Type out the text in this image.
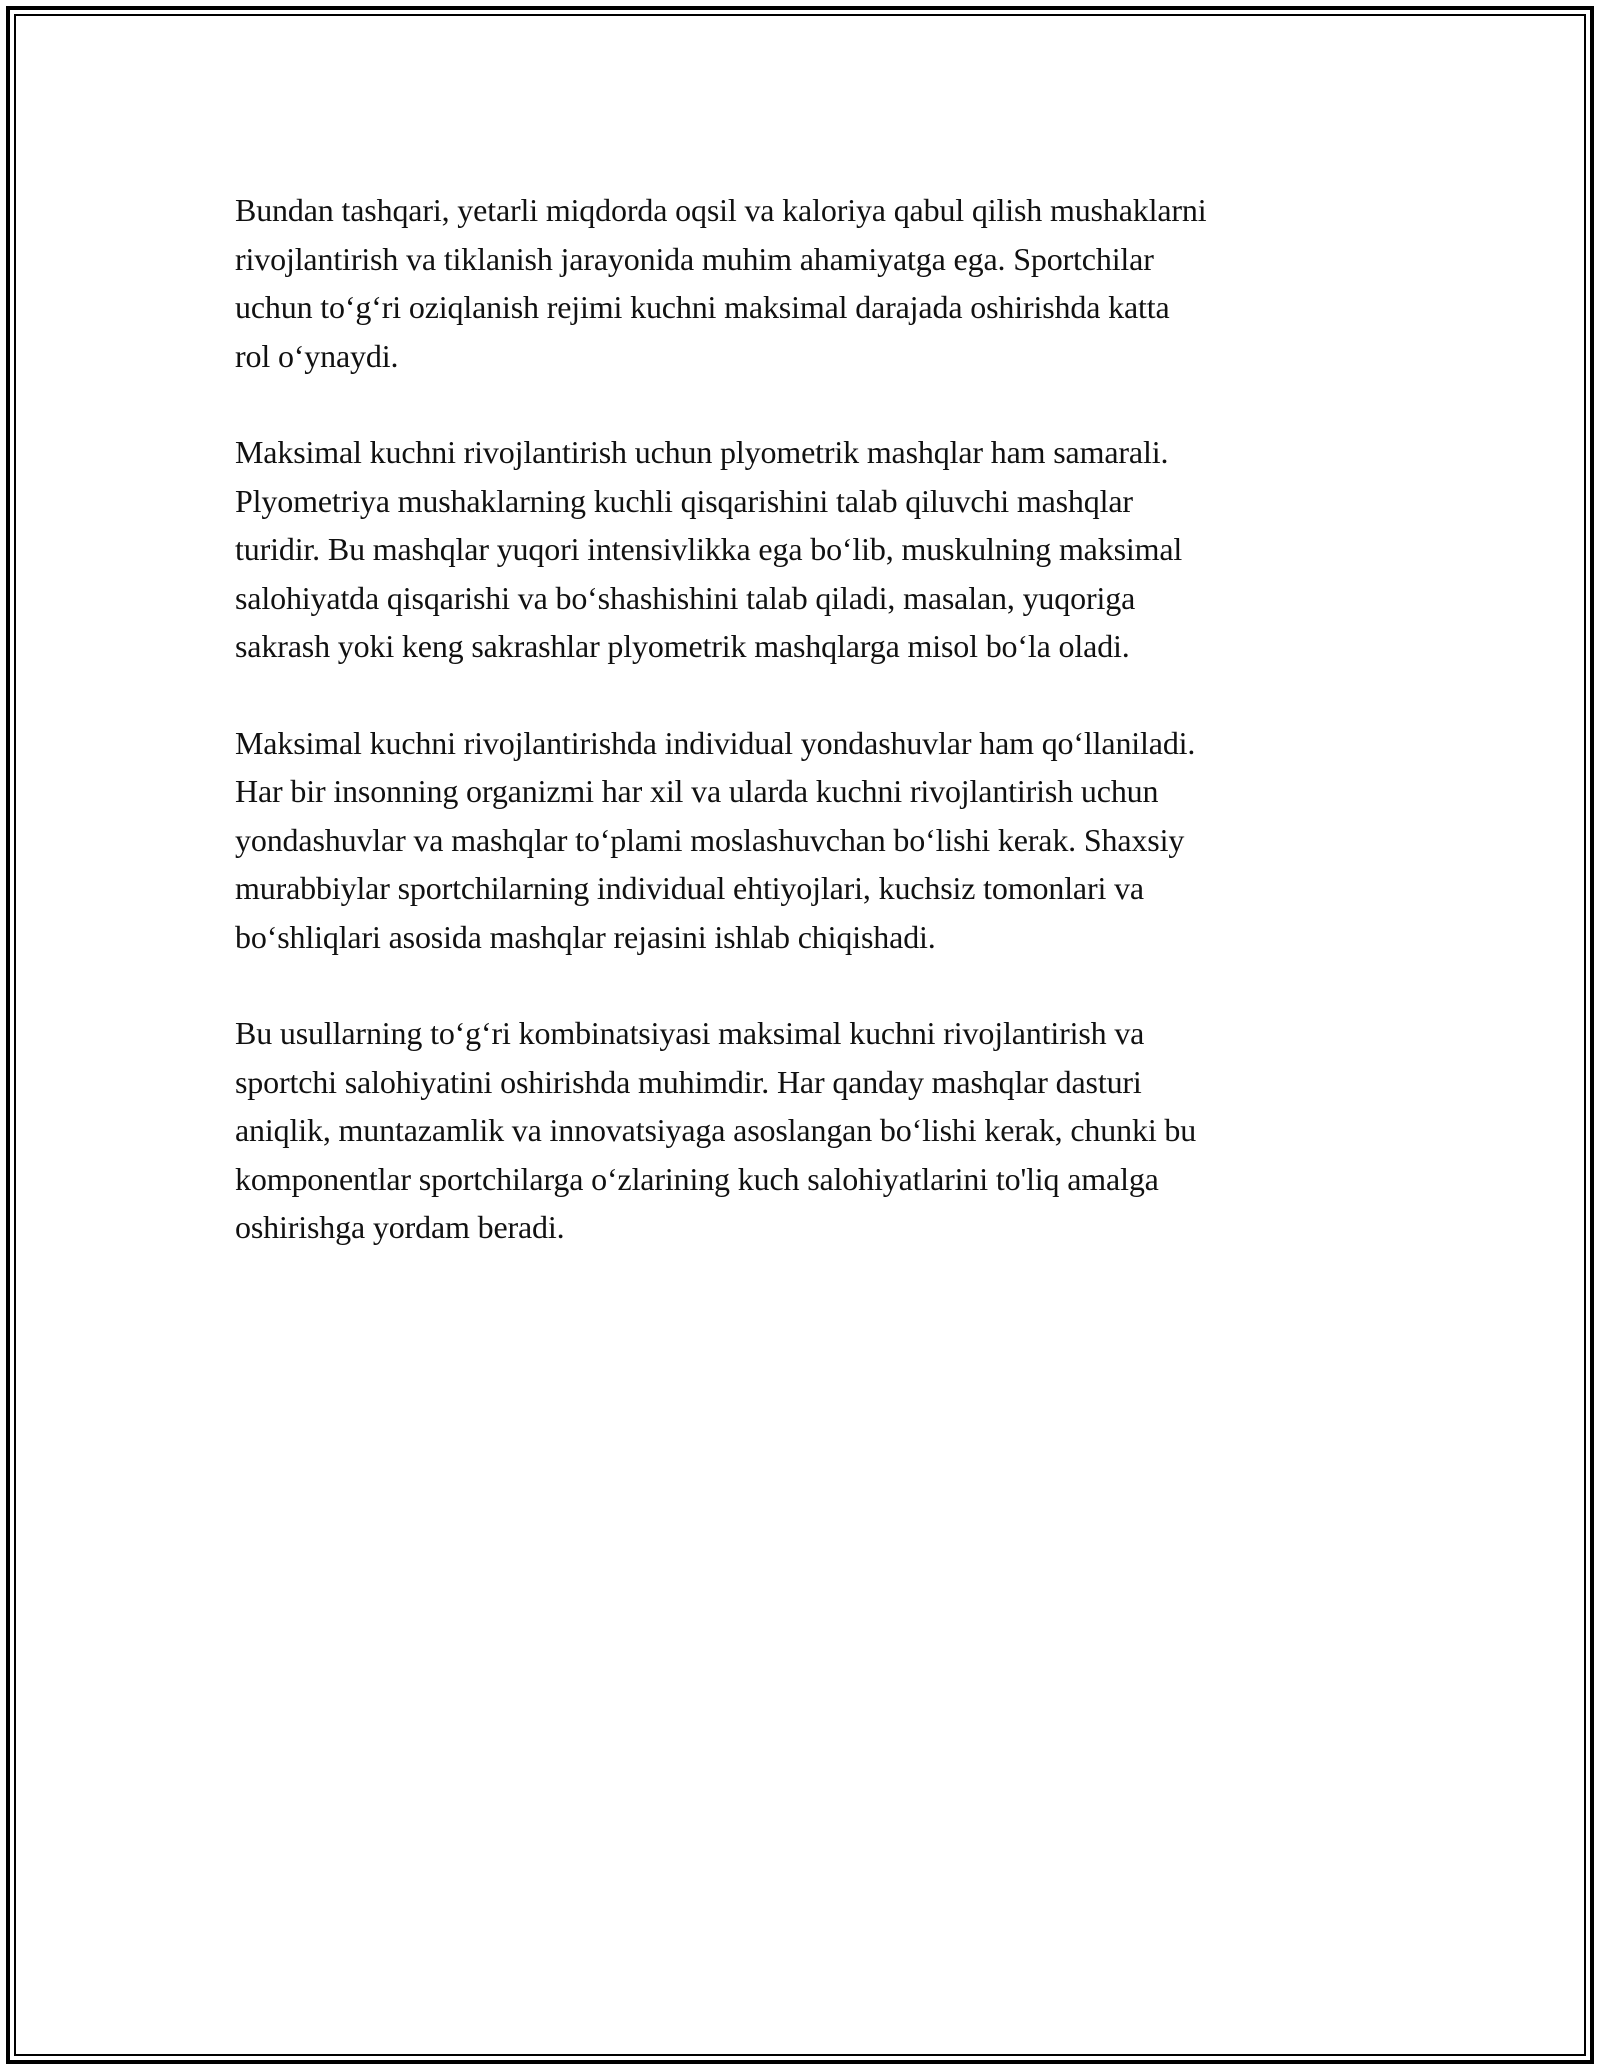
Bundan tashqari, yetarli miqdorda oqsil va kaloriya qabul qilish mushaklarni
rivojlantirish va tiklanish jarayonida muhim ahamiyatga ega. Sportchilar
uchun to‘g‘ri oziqlanish rejimi kuchni maksimal darajada oshirishda katta
rol o‘ynaydi.

Maksimal kuchni rivojlantirish uchun plyometrik mashqlar ham samarali.
Plyometriya mushaklarning kuchli qisqarishini talab qiluvchi mashqlar
turidir. Bu mashqlar yuqori intensivlikka ega bo‘lib, muskulning maksimal
salohiyatda qisqarishi va bo‘shashishini talab qiladi, masalan, yuqoriga
sakrash yoki keng sakrashlar plyometrik mashqlarga misol bo‘la oladi.

Maksimal kuchni rivojlantirishda individual yondashuvlar ham qo‘llaniladi.
Har bir insonning organizmi har xil va ularda kuchni rivojlantirish uchun
yondashuvlar va mashqlar to‘plami moslashuvchan bo‘lishi kerak. Shaxsiy
murabbiylar sportchilarning individual ehtiyojlari, kuchsiz tomonlari va
bo‘shliqlari asosida mashqlar rejasini ishlab chiqishadi.

Bu usullarning to‘g‘ri kombinatsiyasi maksimal kuchni rivojlantirish va
sportchi salohiyatini oshirishda muhimdir. Har qanday mashqlar dasturi
aniqlik, muntazamlik va innovatsiyaga asoslangan bo‘lishi kerak, chunki bu
komponentlar sportchilarga o‘zlarining kuch salohiyatlarini to'liq amalga
oshirishga yordam beradi.
